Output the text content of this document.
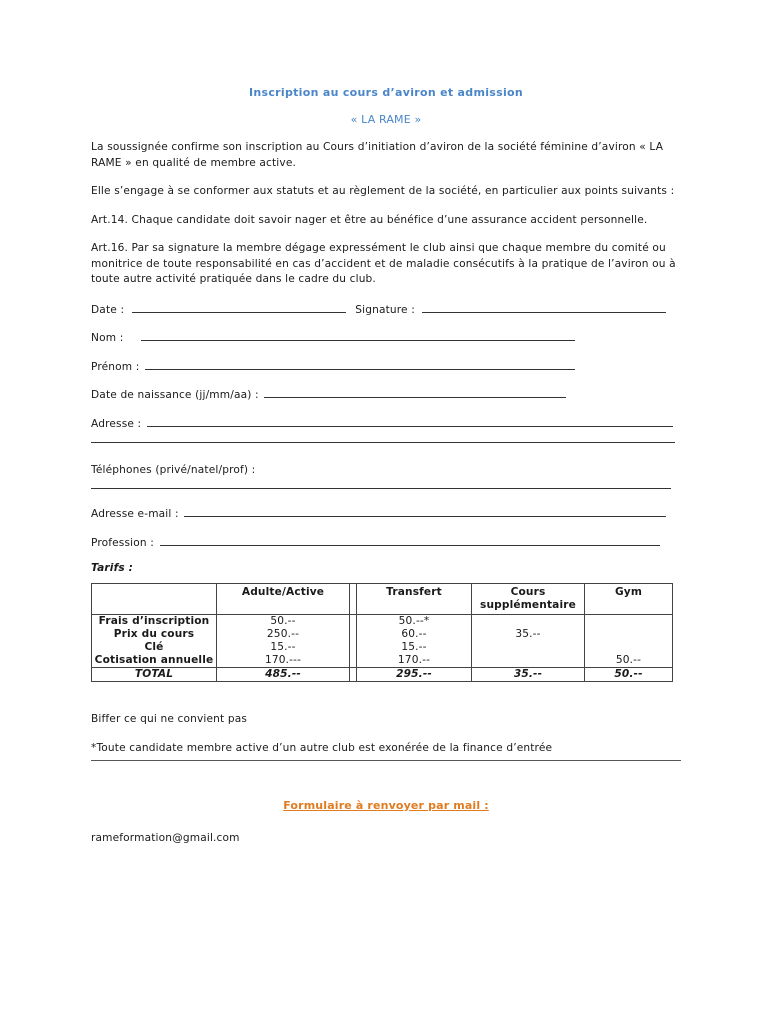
Inscription au cours d’aviron et admission
« LA RAME »

La soussignée confirme son inscription au Cours d’initiation d’aviron de la société féminine d’aviron « LA RAME » en qualité de membre active.

Elle s’engage à se conformer aux statuts et au règlement de la société, en particulier aux points suivants :

Art.14. Chaque candidate doit savoir nager et être au bénéfice d’une assurance accident personnelle.

Art.16. Par sa signature la membre dégage expressément le club ainsi que chaque membre du comité ou monitrice de toute responsabilité en cas d’accident et de maladie consécutifs à la pratique de l’aviron ou à toute autre activité pratiquée dans le cadre du club.

Date :	Signature :
Nom :
Prénom :
Date de naissance (jj/mm/aa) :
Adresse :
Téléphones (privé/natel/prof) :
Adresse e-mail :
Profession :
Tarifs :
	Adulte/Active		Transfert	Cours supplémentaire	Gym
Frais d’inscription	50.--		50.--*		
Prix du cours	250.--		60.--	35.--	
Clé	15.--		15.--		
Cotisation annuelle	170.---		170.--		50.--
TOTAL	485.--		295.--	35.--	50.--

Biffer ce qui ne convient pas

*Toute candidate membre active d’un autre club est exonérée de la finance d’entrée

Formulaire à renvoyer par mail :
rameformation@gmail.com
